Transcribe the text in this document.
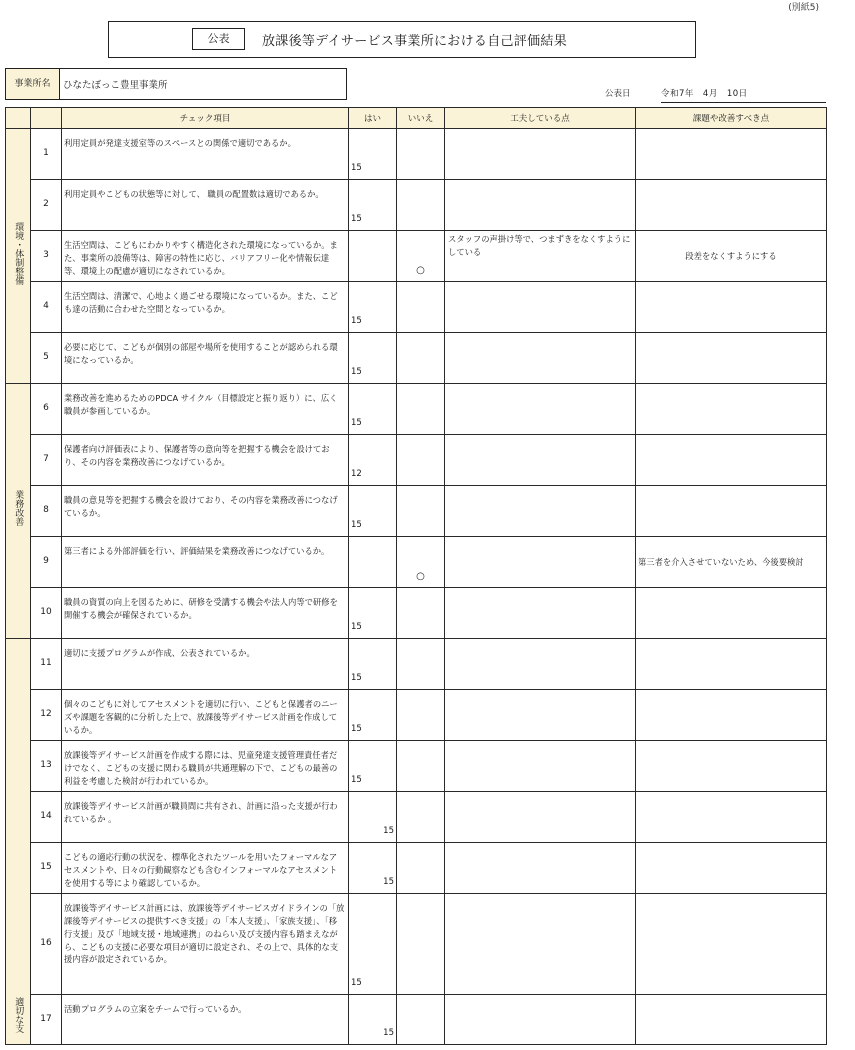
(別紙5)
公表	放課後等デイサービス事業所における自己評価結果
事業所名	ひなたぼっこ豊里事業所
公表日	令和7年　4月　10日
		チェック項目	はい	いいえ	工夫している点	課題や改善すべき点
環境・体制整備	1	利用定員が発達支援室等のスペースとの関係で適切であるか。	15			
	2	利用定員やこどもの状態等に対して、 職員の配置数は適切であるか。	15			
	3	生活空間は、こどもにわかりやすく構造化された環境になっているか。また、事業所の設備等は、障害の特性に応じ、バリアフリー化や情報伝達等、環境上の配慮が適切になされているか。		○	スタッフの声掛け等で、つまずきをなくすようにしている	段差をなくすようにする
	4	生活空間は、清潔で、心地よく過ごせる環境になっているか。また、こども達の活動に合わせた空間となっているか。	15			
	5	必要に応じて、こどもが個別の部屋や場所を使用することが認められる環境になっているか。	15			
業務改善	6	業務改善を進めるためのPDCA サイクル（目標設定と振り返り）に、広く職員が参画しているか。	15			
	7	保護者向け評価表により、保護者等の意向等を把握する機会を設けており、その内容を業務改善につなげているか。	12			
	8	職員の意見等を把握する機会を設けており、その内容を業務改善につなげているか。	15			
	9	第三者による外部評価を行い、評価結果を業務改善につなげているか。		○		第三者を介入させていないため、今後要検討
	10	職員の資質の向上を図るために、研修を受講する機会や法人内等で研修を開催する機会が確保されているか。	15			
適切な支	11	適切に支援プログラムが作成、公表されているか。	15			
	12	個々のこどもに対してアセスメントを適切に行い、こどもと保護者のニーズや課題を客観的に分析した上で、放課後等デイサービス計画を作成しているか。	15			
	13	放課後等デイサービス計画を作成する際には、児童発達支援管理責任者だけでなく、こどもの支援に関わる職員が共通理解の下で、こどもの最善の利益を考慮した検討が行われているか。	15			
	14	放課後等デイサービス計画が職員間に共有され、計画に沿った支援が行われているか 。	15			
	15	こどもの適応行動の状況を、標準化されたツールを用いたフォーマルなアセスメントや、日々の行動観察なども含むインフォーマルなアセスメントを使用する等により確認しているか。	15			
	16	放課後等デイサービス計画には、放課後等デイサービスガイドラインの「放課後等デイサービスの提供すべき支援」の「本人支援」、「家族支援」、「移行支援」及び「地域支援・地域連携」のねらい及び支援内容も踏まえながら、こどもの支援に必要な項目が適切に設定され、その上で、具体的な支援内容が設定されているか。	15			
	17	活動プログラムの立案をチームで行っているか。	15			
